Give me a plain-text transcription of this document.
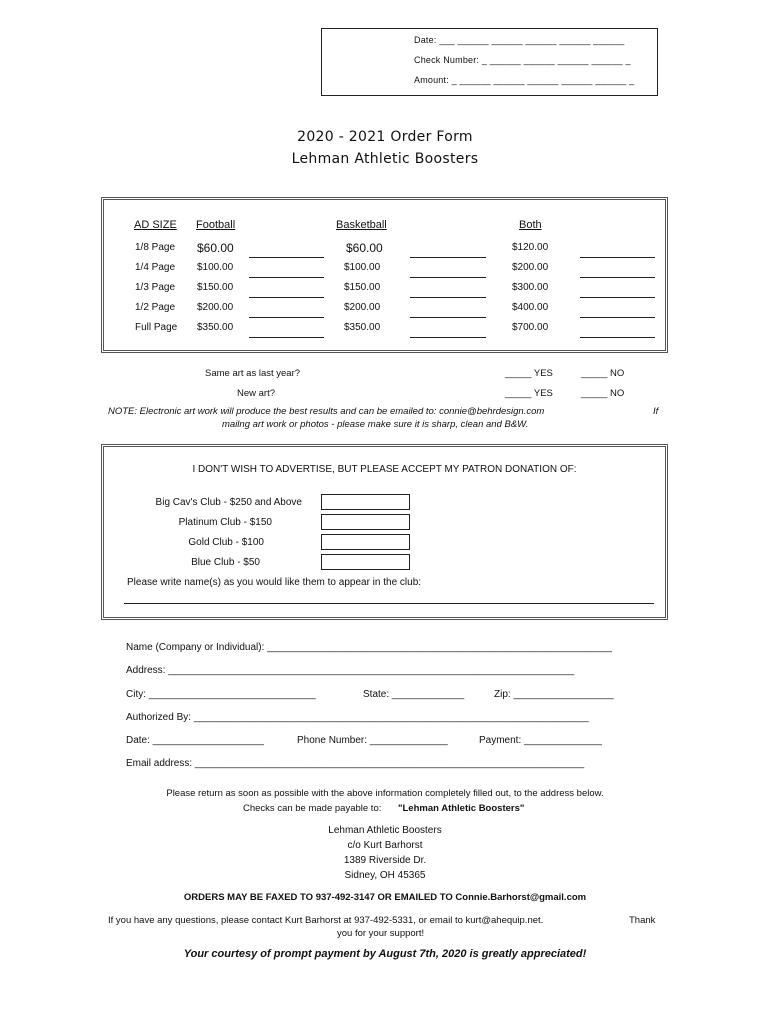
Date: ___ ______ ______ ______ ______ ______
Check Number: _ ______ ______ ______ ______ _
Amount: _ ______ ______ ______ ______ ______ _
2020 - 2021 Order Form
Lehman Athletic Boosters
AD SIZE Football	Basketball	Both
1/8 Page $60.00	$60.00	$120.00
1/4 Page $100.00	$100.00	$200.00
1/3 Page $150.00	$150.00	$300.00
1/2 Page $200.00	$200.00	$400.00
Full Page $350.00	$350.00	$700.00
Same art as last year?	_____ YES	_____ NO
New art?	_____ YES	_____ NO
NOTE: Electronic art work will produce the best results and can be emailed to: connie@behrdesign.com	If
mailng art work or photos - please make sure it is sharp, clean and B&W.
I DON'T WISH TO ADVERTISE, BUT PLEASE ACCEPT MY PATRON DONATION OF:
Big Cav's Club - $250 and Above
Platinum Club - $150
Gold Club - $100
Blue Club - $50
Please write name(s) as you would like them to appear in the club:
Name (Company or Individual): ______________________________________________________________
Address: _________________________________________________________________________
City: ______________________________	State: _____________	Zip: __________________
Authorized By: _______________________________________________________________________
Date: ____________________	Phone Number: ______________	Payment: ______________
Email address: ______________________________________________________________________
Please return as soon as possible with the above information completely filled out, to the address below.
Checks can be made payable to: "Lehman Athletic Boosters"
Lehman Athletic Boosters
c/o Kurt Barhorst
1389 Riverside Dr.
Sidney, OH 45365
ORDERS MAY BE FAXED TO 937-492-3147 OR EMAILED TO Connie.Barhorst@gmail.com
If you have any questions, please contact Kurt Barhorst at 937-492-5331, or email to kurt@ahequip.net.	Thank
you for your support!
Your courtesy of prompt payment by August 7th, 2020 is greatly appreciated!
